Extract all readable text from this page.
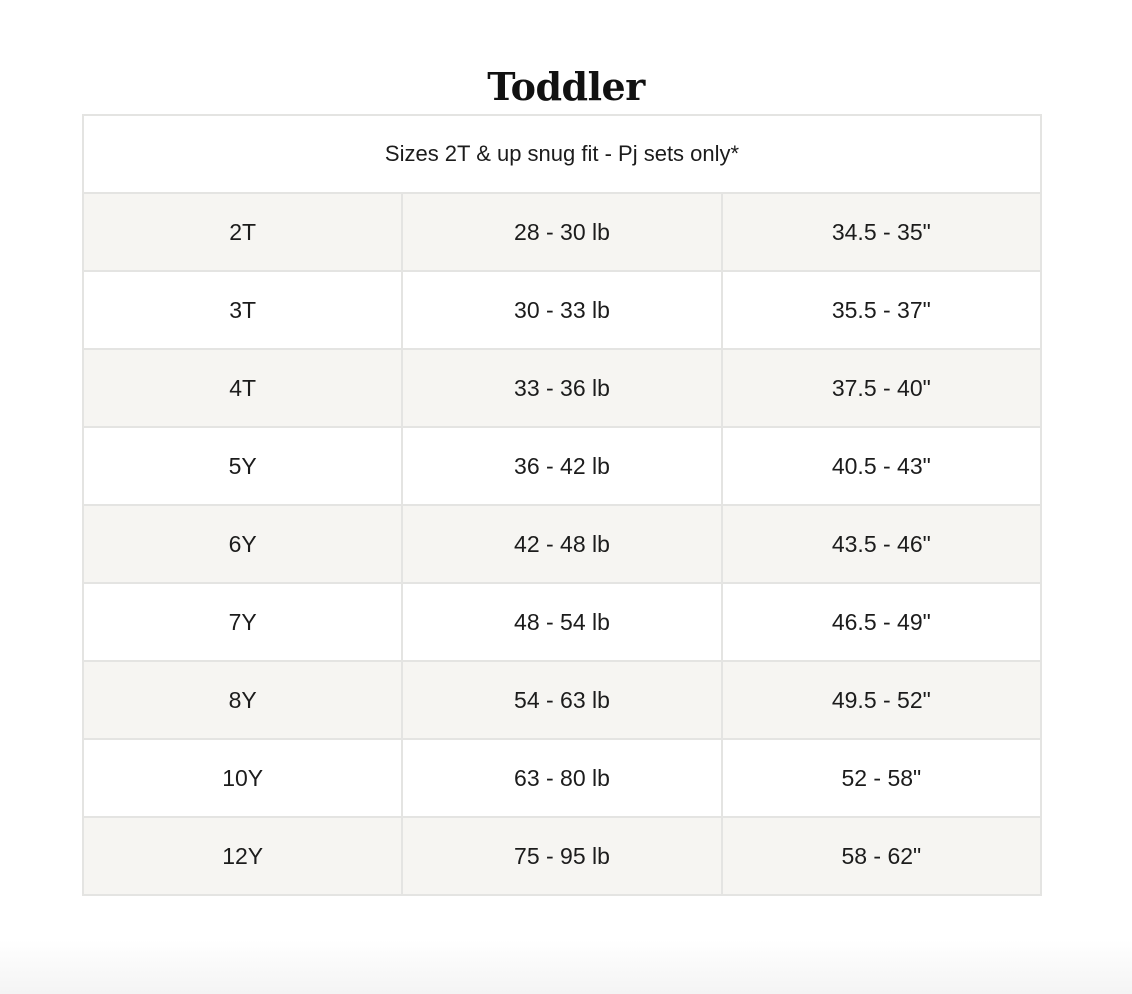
Toddler
Sizes 2T & up snug fit - Pj sets only*		
2T	28 - 30 lb	34.5 - 35"
3T	30 - 33 lb	35.5 - 37"
4T	33 - 36 lb	37.5 - 40"
5Y	36 - 42 lb	40.5 - 43"
6Y	42 - 48 lb	43.5 - 46"
7Y	48 - 54 lb	46.5 - 49"
8Y	54 - 63 lb	49.5 - 52"
10Y	63 - 80 lb	52 - 58"
12Y	75 - 95 lb	58 - 62"
